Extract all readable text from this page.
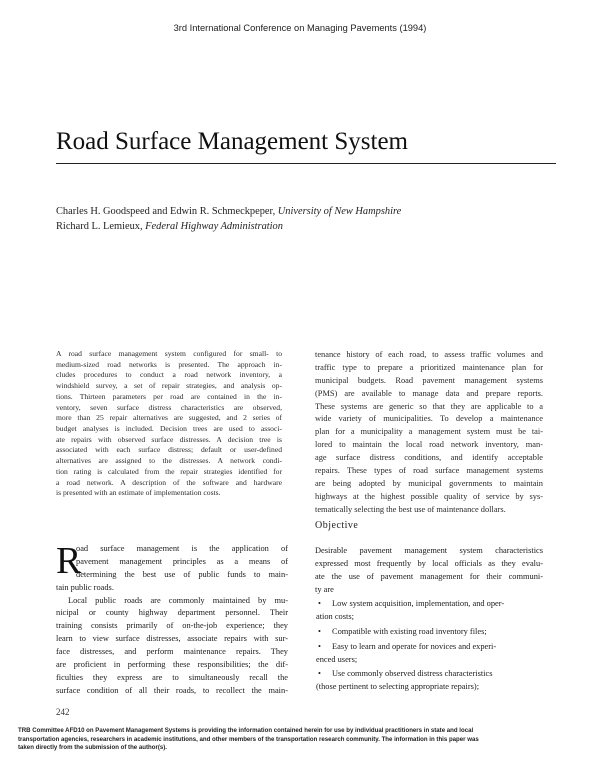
3rd International Conference on Managing Pavements (1994)
Road Surface Management System
Charles H. Goodspeed and Edwin R. Schmeckpeper, University of New Hampshire
Richard L. Lemieux, Federal Highway Administration
A road surface management system configured for small- to
medium-sized road networks is presented. The approach in-
cludes procedures to conduct a road network inventory, a
windshield survey, a set of repair strategies, and analysis op-
tions. Thirteen parameters per road are contained in the in-
ventory, seven surface distress characteristics are observed,
more than 25 repair alternatives are suggested, and 2 series of
budget analyses is included. Decision trees are used to associ-
ate repairs with observed surface distresses. A decision tree is
associated with each surface distress; default or user-defined
alternatives are assigned to the distresses. A network condi-
tion rating is calculated from the repair strategies identified for
a road network. A description of the software and hardware
is presented with an estimate of implementation costs.
tenance history of each road, to assess traffic volumes and
traffic type to prepare a prioritized maintenance plan for
municipal budgets. Road pavement management systems
(PMS) are available to manage data and prepare reports.
These systems are generic so that they are applicable to a
wide variety of municipalities. To develop a maintenance
plan for a municipality a management system must be tai-
lored to maintain the local road network inventory, man-
age surface distress conditions, and identify acceptable
repairs. These types of road surface management systems
are being adopted by municipal governments to maintain
highways at the highest possible quality of service by sys-
tematically selecting the best use of maintenance dollars.
R
oad surface management is the application of
pavement management principles as a means of
determining the best use of public funds to main-
tain public roads.
Local public roads are commonly maintained by mu-
nicipal or county highway department personnel. Their
training consists primarily of on-the-job experience; they
learn to view surface distresses, associate repairs with sur-
face distresses, and perform maintenance repairs. They
are proficient in performing these responsibilities; the dif-
ficulties they express are to simultaneously recall the
surface condition of all their roads, to recollect the main-
Objective
Desirable pavement management system characteristics
expressed most frequently by local officials as they evalu-
ate the use of pavement management for their communi-
ty are
• Low system acquisition, implementation, and oper-
ation costs;
• Compatible with existing road inventory files;
• Easy to learn and operate for novices and experi-
enced users;
• Use commonly observed distress characteristics
(those pertinent to selecting appropriate repairs);
242
TRB Committee AFD10 on Pavement Management Systems is providing the information contained herein for use by individual practitioners in state and local
transportation agencies, researchers in academic institutions, and other members of the transportation research community. The information in this paper was
taken directly from the submission of the author(s).
